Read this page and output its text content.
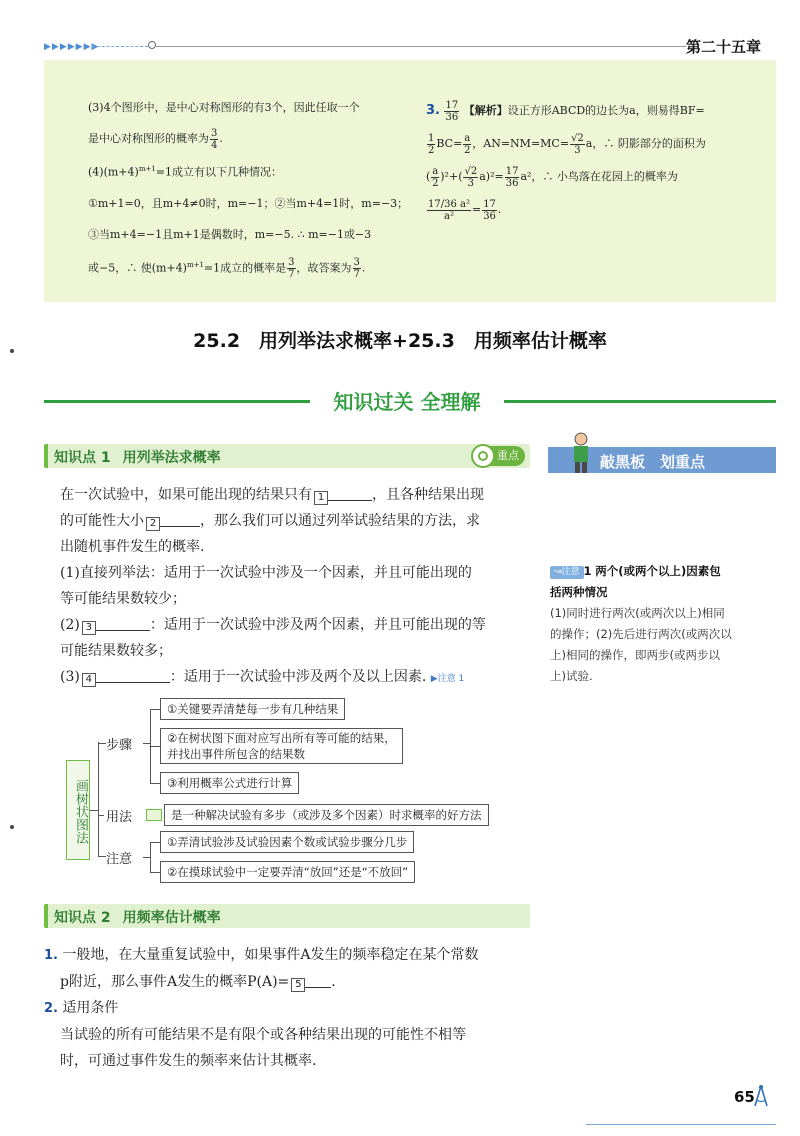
▶▶▶▶▶▶▶	第二十五章

(3)4个图形中，是中心对称图形的有3个，因此任取一个

是中心对称图形的概率为 $\frac{3}{4}$ .

$(4)(m+4)^{m+1}=1$成立有以下几种情况：

①m+1=0，且m+4≠0时，m=−1；②当m+4=1时，m=−3；

③当m+4=−1且m+1是偶数时，m=−5. ∴ m=−1或−3

或−5，∴ 使$(m+4)^{m+1}=1$成立的概率是 $\frac{3}{7}$ ，故答案为 $\frac{3}{7}$ .

3. $\frac{17}{36}$ 【解析】设正方形ABCD的边长为a，则易得BF=

$\frac{1}{2} BC= \frac{a}{2}$ ，$AN=NM=MC= \frac{√2}{3}$ a，∴ 阴影部分的面积为

( $\frac{a}{2} )^2+( \frac{√2}{3} a)^2= \frac{17}{36} a^2$，∴ 小鸟落在花园上的概率为

$\frac{\text{17/36 a²}}{\text{a²}} = \frac{17}{36}$ .

25.2　用列举法求概率+25.3　用频率估计概率
知识过关 全理解
知识点 1 用列举法求概率	重点

在一次试验中，如果可能出现的结果只有 1	，且各种结果出现

的可能性大小 2	，那么我们可以通过列举试验结果的方法，求

出随机事件发生的概率.

(1)直接列举法：适用于一次试验中涉及一个因素，并且可能出现的

等可能结果数较少；

(2) 3	：适用于一次试验中涉及两个因素，并且可能出现的等

可能结果数较多；

(3) 4	：适用于一次试验中涉及两个及以上因素. ▶注意 1

画树状图法
步骤
①关键要弄清楚每一步有几种结果
②在树状图下面对应写出所有等可能的结果，
并找出事件所包含的结果数
③利用概率公式进行计算
用法	是一种解决试验有多步（或涉及多个因素）时求概率的好方法
注意
①弄清试验涉及试验因素个数或试验步骤分几步
②在摸球试验中一定要弄清“放回”还是“不放回”
敲黑板　划重点

↝注意 1 两个(或两个以上)因素包

括两种情况

(1)同时进行两次(或两次以上)相同

的操作；(2)先后进行两次(或两次以

上)相同的操作，即两步(或两步以

上)试验.

知识点 2 用频率估计概率

1. 一般地，在大量重复试验中，如果事件A发生的频率稳定在某个常数

p附近，那么事件A发生的概率P(A)= 5 .

2. 适用条件

当试验的所有可能结果不是有限个或各种结果出现的可能性不相等

时，可通过事件发生的频率来估计其概率.

65
